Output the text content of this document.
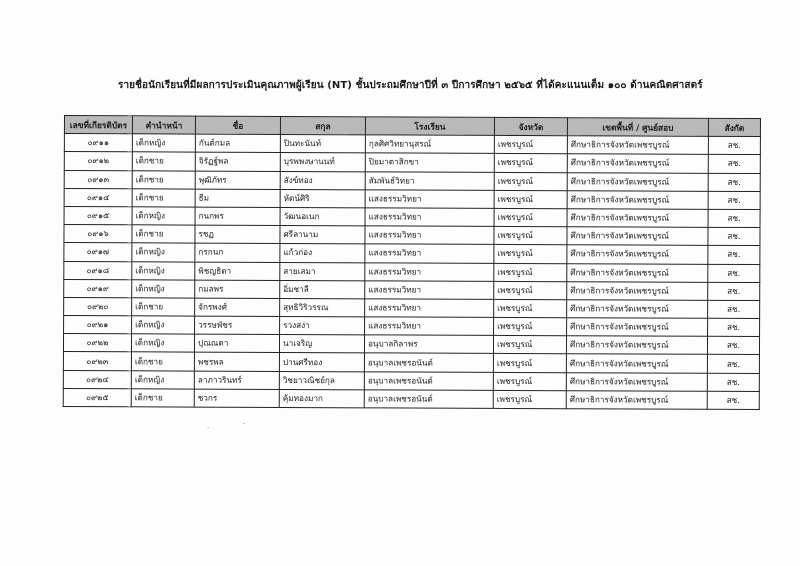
รายชื่อนักเรียนที่มีผลการประเมินคุณภาพผู้เรียน (NT) ชั้นประถมศึกษาปีที่ ๓ ปีการศึกษา ๒๕๖๕ ที่ได้คะแนนเต็ม ๑๐๐ ด้านคณิตศาสตร์
เลขที่เกียรติบัตร	คำนำหน้า	ชื่อ	สกุล	โรงเรียน	จังหวัด	เขตพื้นที่ / ศูนย์สอบ	สังกัด
๐๙๑๑	เด็กหญิง	กันต์กมล	ปินทะนันท์	กุลศิศวิทยานุสรณ์	เพชรบูรณ์	ศึกษาธิการจังหวัดเพชรบูรณ์	สช.
๐๙๑๒	เด็กชาย	จิรัฏฐ์พล	บุรพพงษานนท์	ปิยมาตาสิกขา	เพชรบูรณ์	ศึกษาธิการจังหวัดเพชรบูรณ์	สช.
๐๙๑๓	เด็กชาย	พุฒิภัทร	สังข์ทอง	สัมพันธ์วิทยา	เพชรบูรณ์	ศึกษาธิการจังหวัดเพชรบูรณ์	สช.
๐๙๑๔	เด็กชาย	ธีม	หัตน์ศิริ	แสงธรรมวิทยา	เพชรบูรณ์	ศึกษาธิการจังหวัดเพชรบูรณ์	สช.
๐๙๑๕	เด็กหญิง	กนกพร	วัฒนอเนก	แสงธรรมวิทยา	เพชรบูรณ์	ศึกษาธิการจังหวัดเพชรบูรณ์	สช.
๐๙๑๖	เด็กชาย	รชฏ	ศรีลานาม	แสงธรรมวิทยา	เพชรบูรณ์	ศึกษาธิการจังหวัดเพชรบูรณ์	สช.
๐๙๑๗	เด็กหญิง	กรกนก	แก้วก่อง	แสงธรรมวิทยา	เพชรบูรณ์	ศึกษาธิการจังหวัดเพชรบูรณ์	สช.
๐๙๑๘	เด็กหญิง	พิชญธิดา	สายเสมา	แสงธรรมวิทยา	เพชรบูรณ์	ศึกษาธิการจังหวัดเพชรบูรณ์	สช.
๐๙๑๙	เด็กหญิง	กมลพร	อิ่มชาลี	แสงธรรมวิทยา	เพชรบูรณ์	ศึกษาธิการจังหวัดเพชรบูรณ์	สช.
๐๙๒๐	เด็กชาย	จักรพงศ์	สุทธิวิริวรรณ	แสงธรรมวิทยา	เพชรบูรณ์	ศึกษาธิการจังหวัดเพชรบูรณ์	สช.
๐๙๒๑	เด็กหญิง	วรรษพัชร	รวงสง่า	แสงธรรมวิทยา	เพชรบูรณ์	ศึกษาธิการจังหวัดเพชรบูรณ์	สช.
๐๙๒๒	เด็กหญิง	ปุณณดา	นาเจริญ	อนุบาลกิลาพร	เพชรบูรณ์	ศึกษาธิการจังหวัดเพชรบูรณ์	สช.
๐๙๒๓	เด็กชาย	พชรพล	ปานศรีทอง	อนุบาลเพชรอนันต์	เพชรบูรณ์	ศึกษาธิการจังหวัดเพชรบูรณ์	สช.
๐๙๒๔	เด็กหญิง	ลาภาวรินทร์	วิชยาวณิชย์กุล	อนุบาลเพชรอนันต์	เพชรบูรณ์	ศึกษาธิการจังหวัดเพชรบูรณ์	สช.
๐๙๒๕	เด็กชาย	ชวกร	คุ้มทองมาก	อนุบาลเพชรอนันต์	เพชรบูรณ์	ศึกษาธิการจังหวัดเพชรบูรณ์	สช.
·	·
